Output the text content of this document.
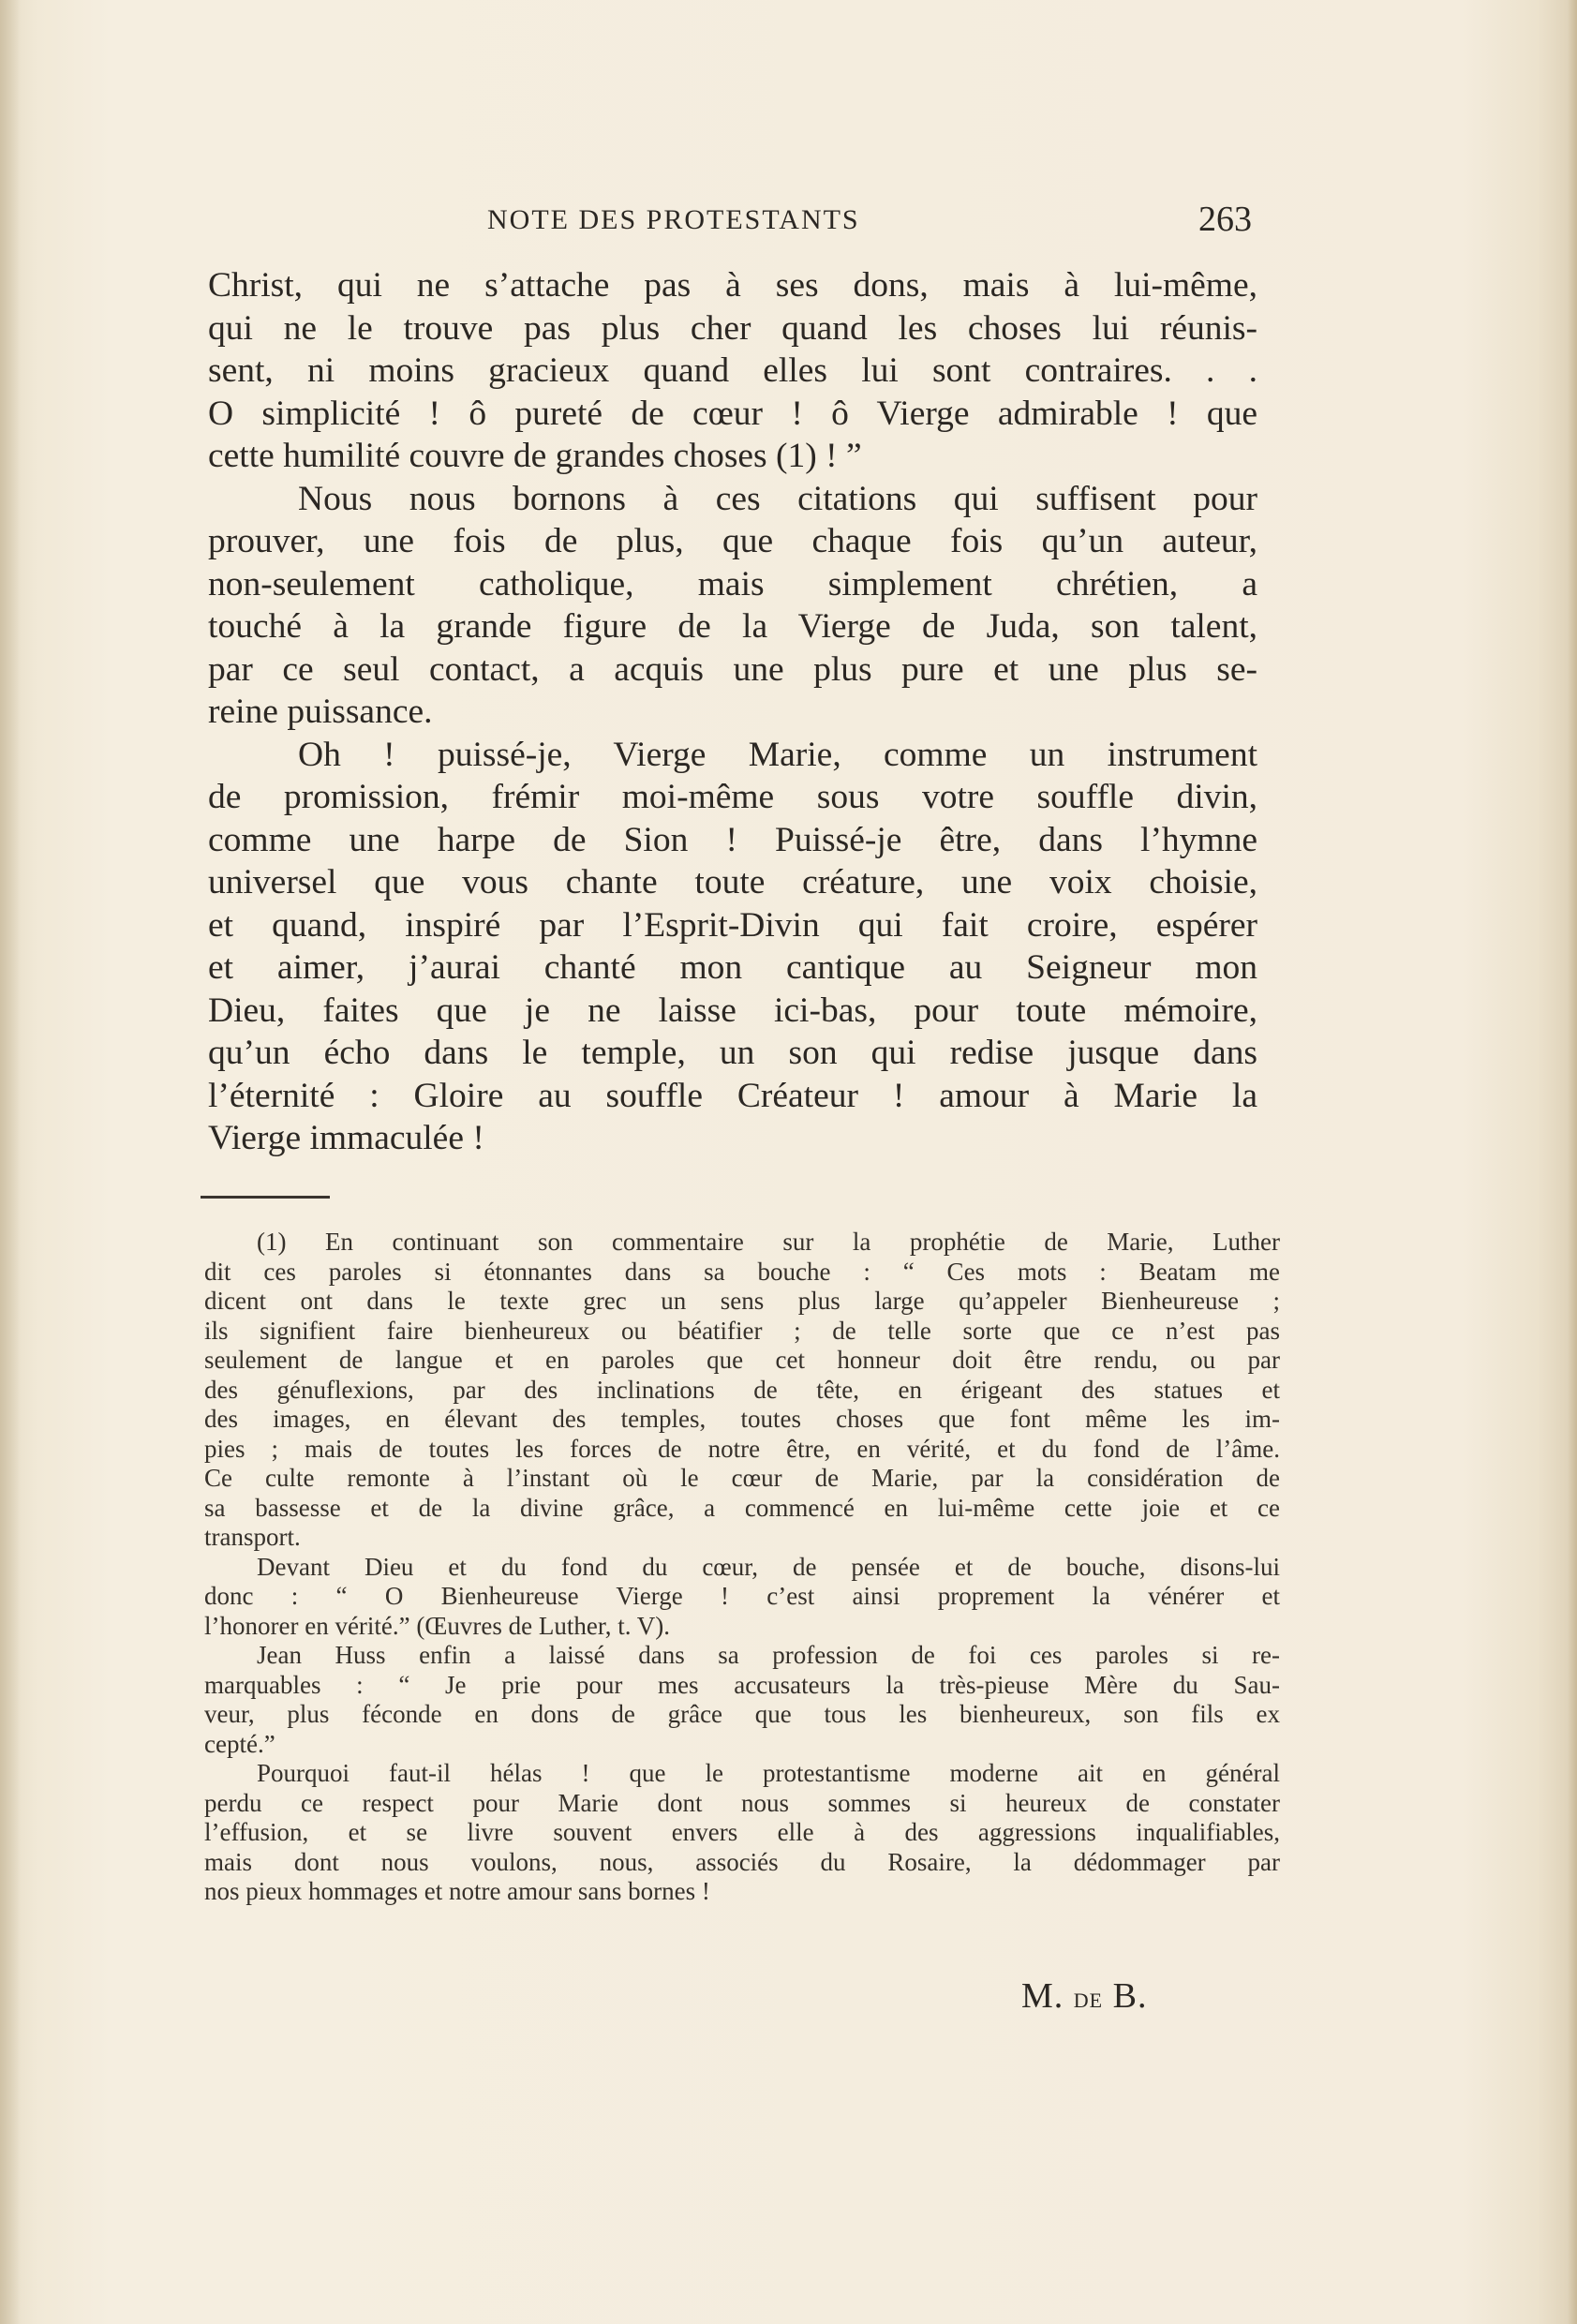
NOTE DES PROTESTANTS	263

Christ, qui ne s’attache pas à ses dons, mais à lui-même,
qui ne le trouve pas plus cher quand les choses lui réunis-
sent, ni moins gracieux quand elles lui sont contraires. . .
O simplicité ! ô pureté de cœur ! ô Vierge admirable ! que
cette humilité couvre de grandes choses (1) ! ”

Nous nous bornons à ces citations qui suffisent pour
prouver, une fois de plus, que chaque fois qu’un auteur,
non-seulement catholique, mais simplement chrétien, a
touché à la grande figure de la Vierge de Juda, son talent,
par ce seul contact, a acquis une plus pure et une plus se-
reine puissance.

Oh ! puissé-je, Vierge Marie, comme un instrument
de promission, frémir moi-même sous votre souffle divin,
comme une harpe de Sion ! Puissé-je être, dans l’hymne
universel que vous chante toute créature, une voix choisie,
et quand, inspiré par l’Esprit-Divin qui fait croire, espérer
et aimer, j’aurai chanté mon cantique au Seigneur mon
Dieu, faites que je ne laisse ici-bas, pour toute mémoire,
qu’un écho dans le temple, un son qui redise jusque dans
l’éternité : Gloire au souffle Créateur ! amour à Marie la
Vierge immaculée !

(1) En continuant son commentaire sur la prophétie de Marie, Luther
dit ces paroles si étonnantes dans sa bouche : “ Ces mots : Beatam me
dicent ont dans le texte grec un sens plus large qu’appeler Bienheureuse ;
ils signifient faire bienheureux ou béatifier ; de telle sorte que ce n’est pas
seulement de langue et en paroles que cet honneur doit être rendu, ou par
des génuflexions, par des inclinations de tête, en érigeant des statues et
des images, en élevant des temples, toutes choses que font même les im-
pies ; mais de toutes les forces de notre être, en vérité, et du fond de l’âme.
Ce culte remonte à l’instant où le cœur de Marie, par la considération de
sa bassesse et de la divine grâce, a commencé en lui-même cette joie et ce
transport.

Devant Dieu et du fond du cœur, de pensée et de bouche, disons-lui
donc : “ O Bienheureuse Vierge ! c’est ainsi proprement la vénérer et
l’honorer en vérité.” (Œuvres de Luther, t. V).

Jean Huss enfin a laissé dans sa profession de foi ces paroles si re-
marquables : “ Je prie pour mes accusateurs la très-pieuse Mère du Sau-
veur, plus féconde en dons de grâce que tous les bienheureux, son fils ex
cepté.”

Pourquoi faut-il hélas ! que le protestantisme moderne ait en général
perdu ce respect pour Marie dont nous sommes si heureux de constater
l’effusion, et se livre souvent envers elle à des aggressions inqualifiables,
mais dont nous voulons, nous, associés du Rosaire, la dédommager par
nos pieux hommages et notre amour sans bornes !

M. de B.
